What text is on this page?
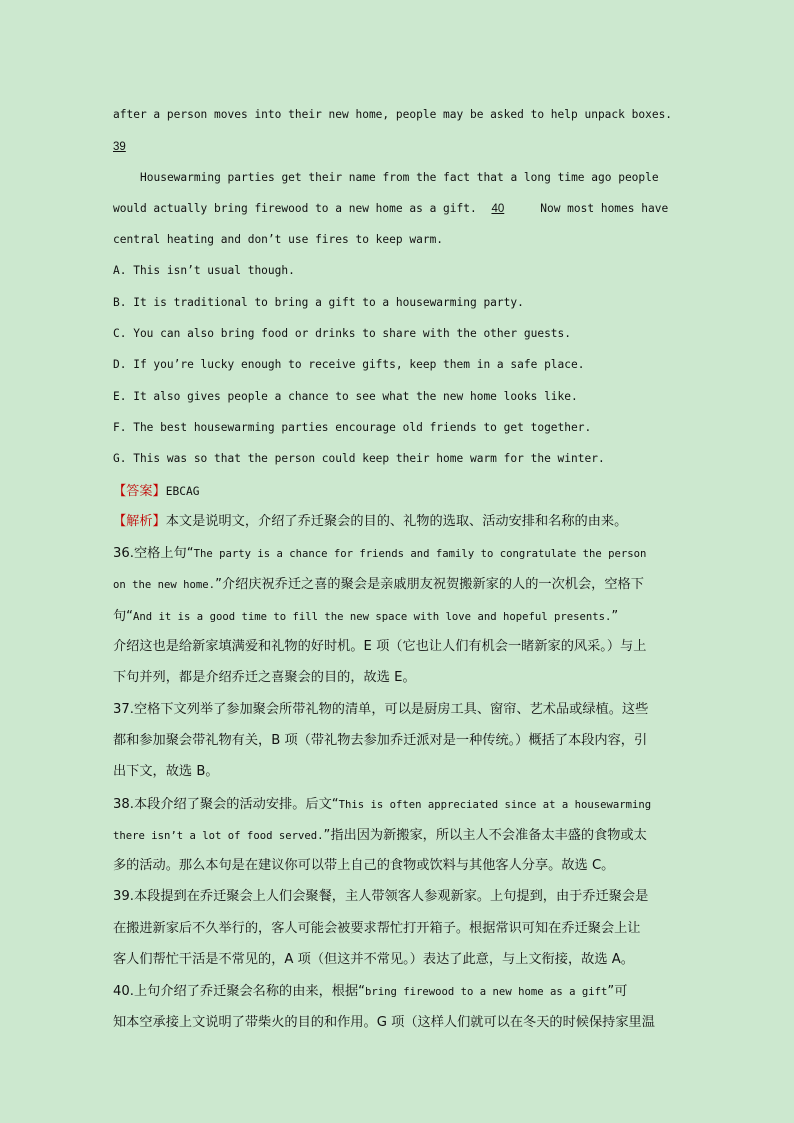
after a person moves into their new home, people may be asked to help unpack boxes.
39
Housewarming parties get their name from the fact that a long time ago people
would actually bring firewood to a new home as a gift. 40	Now most homes have
central heating and don’t use fires to keep warm.
A. This isn’t usual though.
B. It is traditional to bring a gift to a housewarming party.
C. You can also bring food or drinks to share with the other guests.
D. If you’re lucky enough to receive gifts, keep them in a safe place.
E. It also gives people a chance to see what the new home looks like.
F. The best housewarming parties encourage old friends to get together.
G. This was so that the person could keep their home warm for the winter.
【答案】EBCAG
【解析】本文是说明文，介绍了乔迁聚会的目的、礼物的选取、活动安排和名称的由来。
36.空格上句“The party is a chance for friends and family to congratulate the person
on the new home.”介绍庆祝乔迁之喜的聚会是亲戚朋友祝贺搬新家的人的一次机会，空格下
句“And it is a good time to fill the new space with love and hopeful presents.”
介绍这也是给新家填满爱和礼物的好时机。E 项（它也让人们有机会一睹新家的风采。）与上
下句并列，都是介绍乔迁之喜聚会的目的，故选 E。
37.空格下文列举了参加聚会所带礼物的清单，可以是厨房工具、窗帘、艺术品或绿植。这些
都和参加聚会带礼物有关，B 项（带礼物去参加乔迁派对是一种传统。）概括了本段内容，引
出下文，故选 B。
38.本段介绍了聚会的活动安排。后文“This is often appreciated since at a housewarming
there isn’t a lot of food served.”指出因为新搬家，所以主人不会准备太丰盛的食物或太
多的活动。那么本句是在建议你可以带上自己的食物或饮料与其他客人分享。故选 C。
39.本段提到在乔迁聚会上人们会聚餐，主人带领客人参观新家。上句提到，由于乔迁聚会是
在搬进新家后不久举行的，客人可能会被要求帮忙打开箱子。根据常识可知在乔迁聚会上让
客人们帮忙干活是不常见的，A 项（但这并不常见。）表达了此意，与上文衔接，故选 A。
40.上句介绍了乔迁聚会名称的由来，根据“bring firewood to a new home as a gift”可
知本空承接上文说明了带柴火的目的和作用。G 项（这样人们就可以在冬天的时候保持家里温
